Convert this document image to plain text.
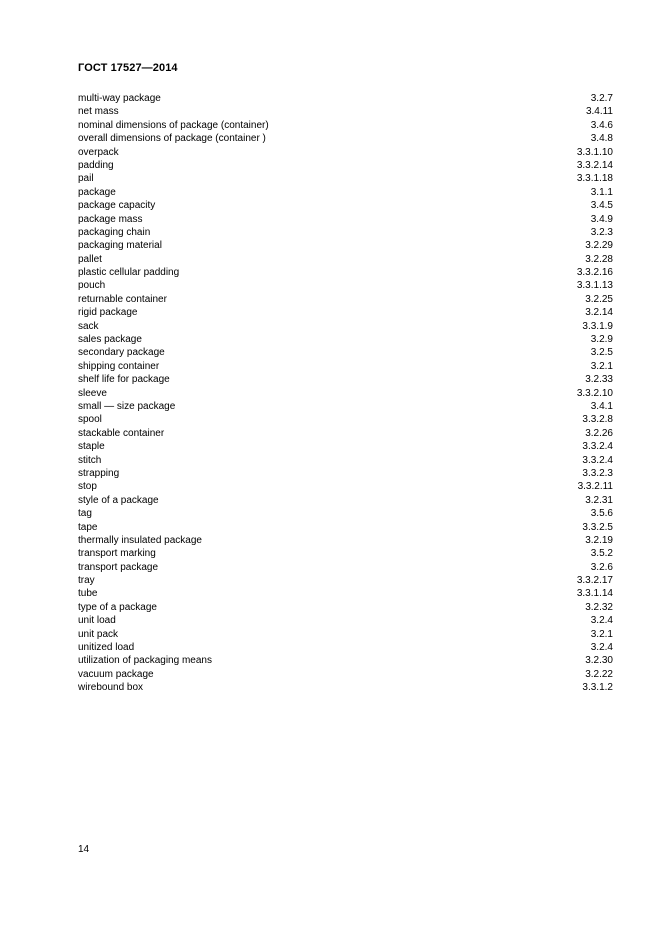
ГОСТ 17527—2014
multi-way package	3.2.7
net mass	3.4.11
nominal dimensions of package (container)	3.4.6
overall dimensions of package (container )	3.4.8
overpack	3.3.1.10
padding	3.3.2.14
pail	3.3.1.18
package	3.1.1
package capacity	3.4.5
package mass	3.4.9
packaging chain	3.2.3
packaging material	3.2.29
pallet	3.2.28
plastic cellular padding	3.3.2.16
pouch	3.3.1.13
returnable container	3.2.25
rigid package	3.2.14
sack	3.3.1.9
sales package	3.2.9
secondary package	3.2.5
shipping container	3.2.1
shelf life for package	3.2.33
sleeve	3.3.2.10
small — size package	3.4.1
spool	3.3.2.8
stackable container	3.2.26
staple	3.3.2.4
stitch	3.3.2.4
strapping	3.3.2.3
stop	3.3.2.11
style of a package	3.2.31
tag	3.5.6
tape	3.3.2.5
thermally insulated package	3.2.19
transport marking	3.5.2
transport package	3.2.6
tray	3.3.2.17
tube	3.3.1.14
type of a package	3.2.32
unit load	3.2.4
unit pack	3.2.1
unitized load	3.2.4
utilization of packaging means	3.2.30
vacuum package	3.2.22
wirebound box	3.3.1.2
14
